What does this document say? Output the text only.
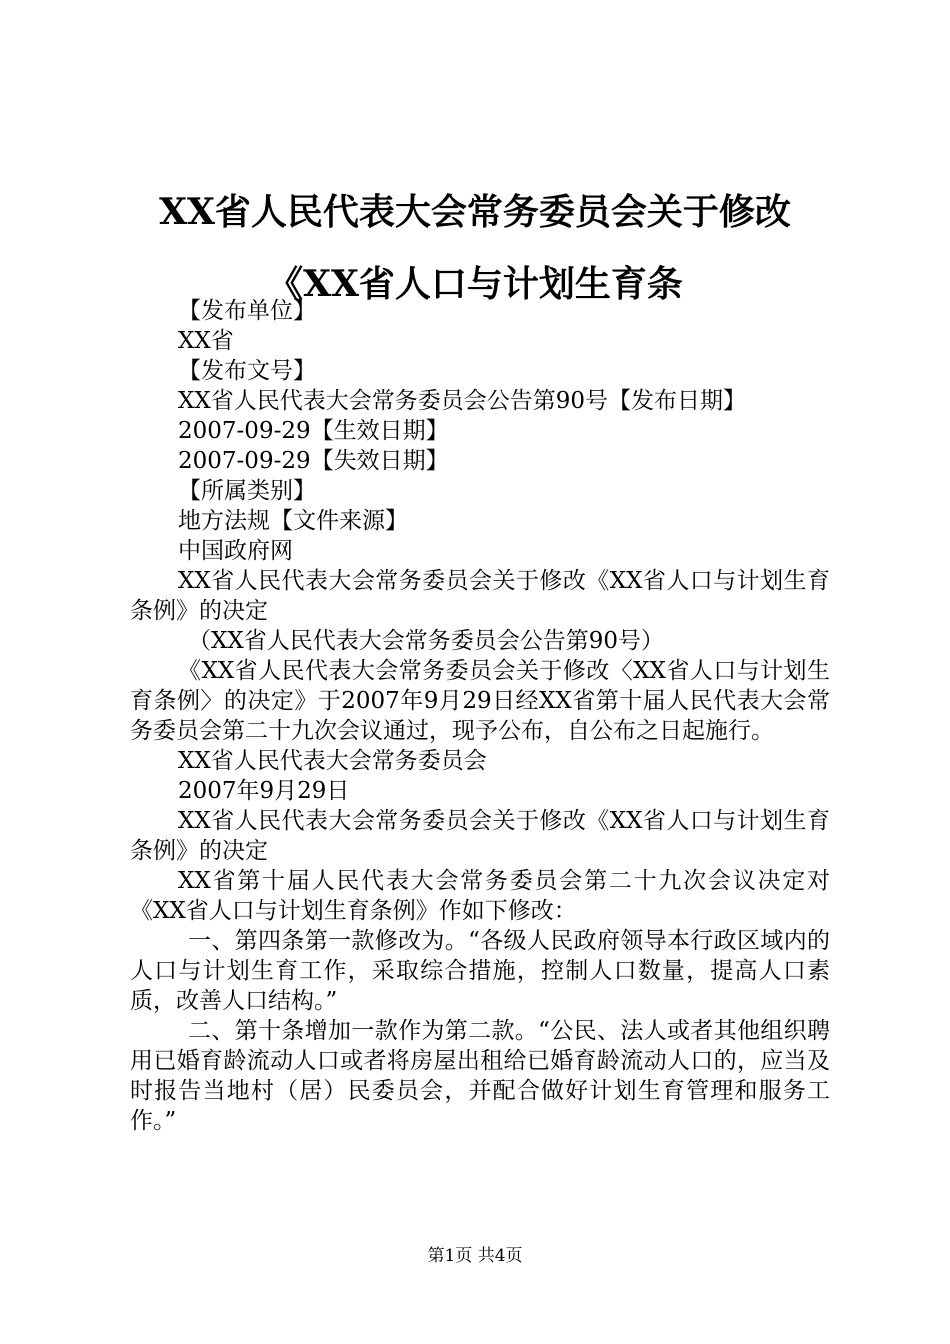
XX省人民代表大会常务委员会关于修改《XX省人口与计划生育条

【发布单位】

XX省

【发布文号】

XX省人民代表大会常务委员会公告第90号【发布日期】

2007-09-29【生效日期】

2007-09-29【失效日期】

【所属类别】

地方法规【文件来源】

中国政府网

XX省人民代表大会常务委员会关于修改《XX省人口与计划生育条例》的决定

（XX省人民代表大会常务委员会公告第90号）

《XX省人民代表大会常务委员会关于修改〈XX省人口与计划生育条例〉的决定》于2007年9月29日经XX省第十届人民代表大会常务委员会第二十九次会议通过，现予公布，自公布之日起施行。

XX省人民代表大会常务委员会

2007年9月29日

XX省人民代表大会常务委员会关于修改《XX省人口与计划生育条例》的决定

XX省第十届人民代表大会常务委员会第二十九次会议决定对《XX省人口与计划生育条例》作如下修改：

一、第四条第一款修改为。“各级人民政府领导本行政区域内的人口与计划生育工作，采取综合措施，控制人口数量，提高人口素质，改善人口结构。”

二、第十条增加一款作为第二款。“公民、法人或者其他组织聘用已婚育龄流动人口或者将房屋出租给已婚育龄流动人口的，应当及时报告当地村（居）民委员会，并配合做好计划生育管理和服务工作。”

第1页 共4页
